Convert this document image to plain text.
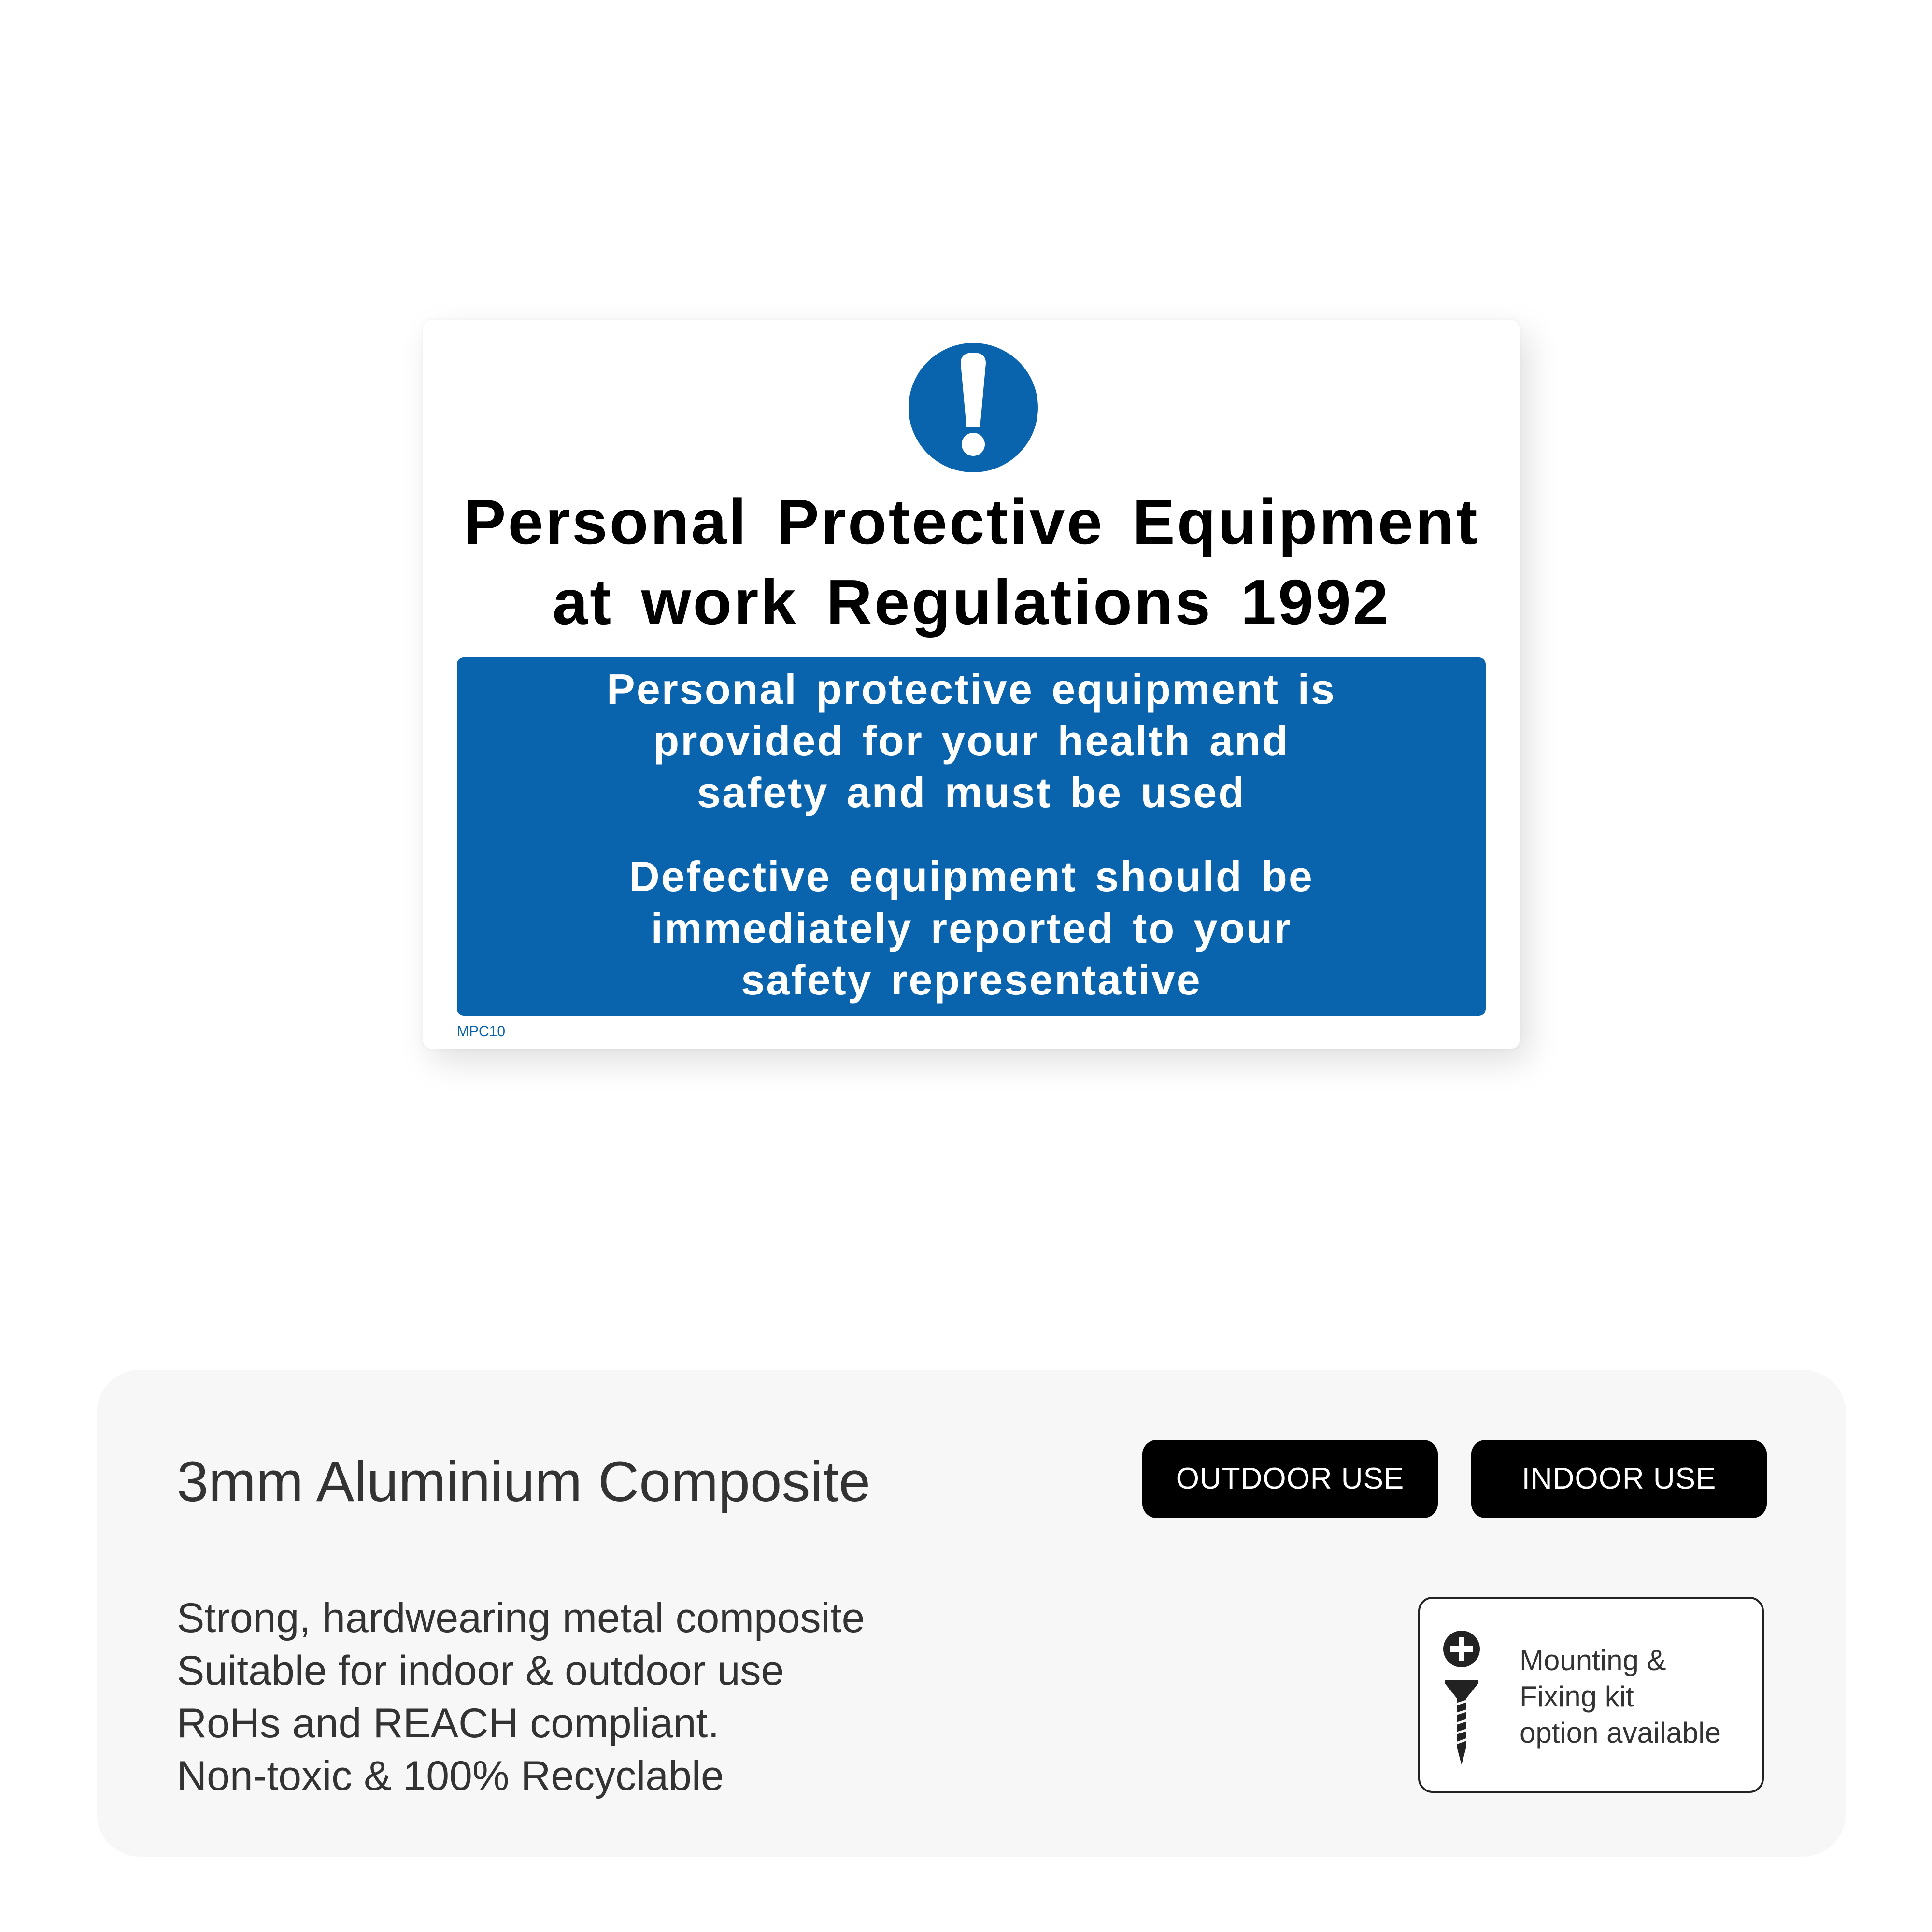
Personal Protective Equipment
at work Regulations 1992
Personal protective equipment is
provided for your health and
safety and must be used
Defective equipment should be
immediately reported to your
safety representative
MPC10
3mm Aluminium Composite	OUTDOOR USE	INDOOR USE
Strong, hardwearing metal composite
Suitable for indoor & outdoor use
RoHs and REACH compliant.
Non-toxic & 100% Recyclable
Mounting &
Fixing kit
option available
